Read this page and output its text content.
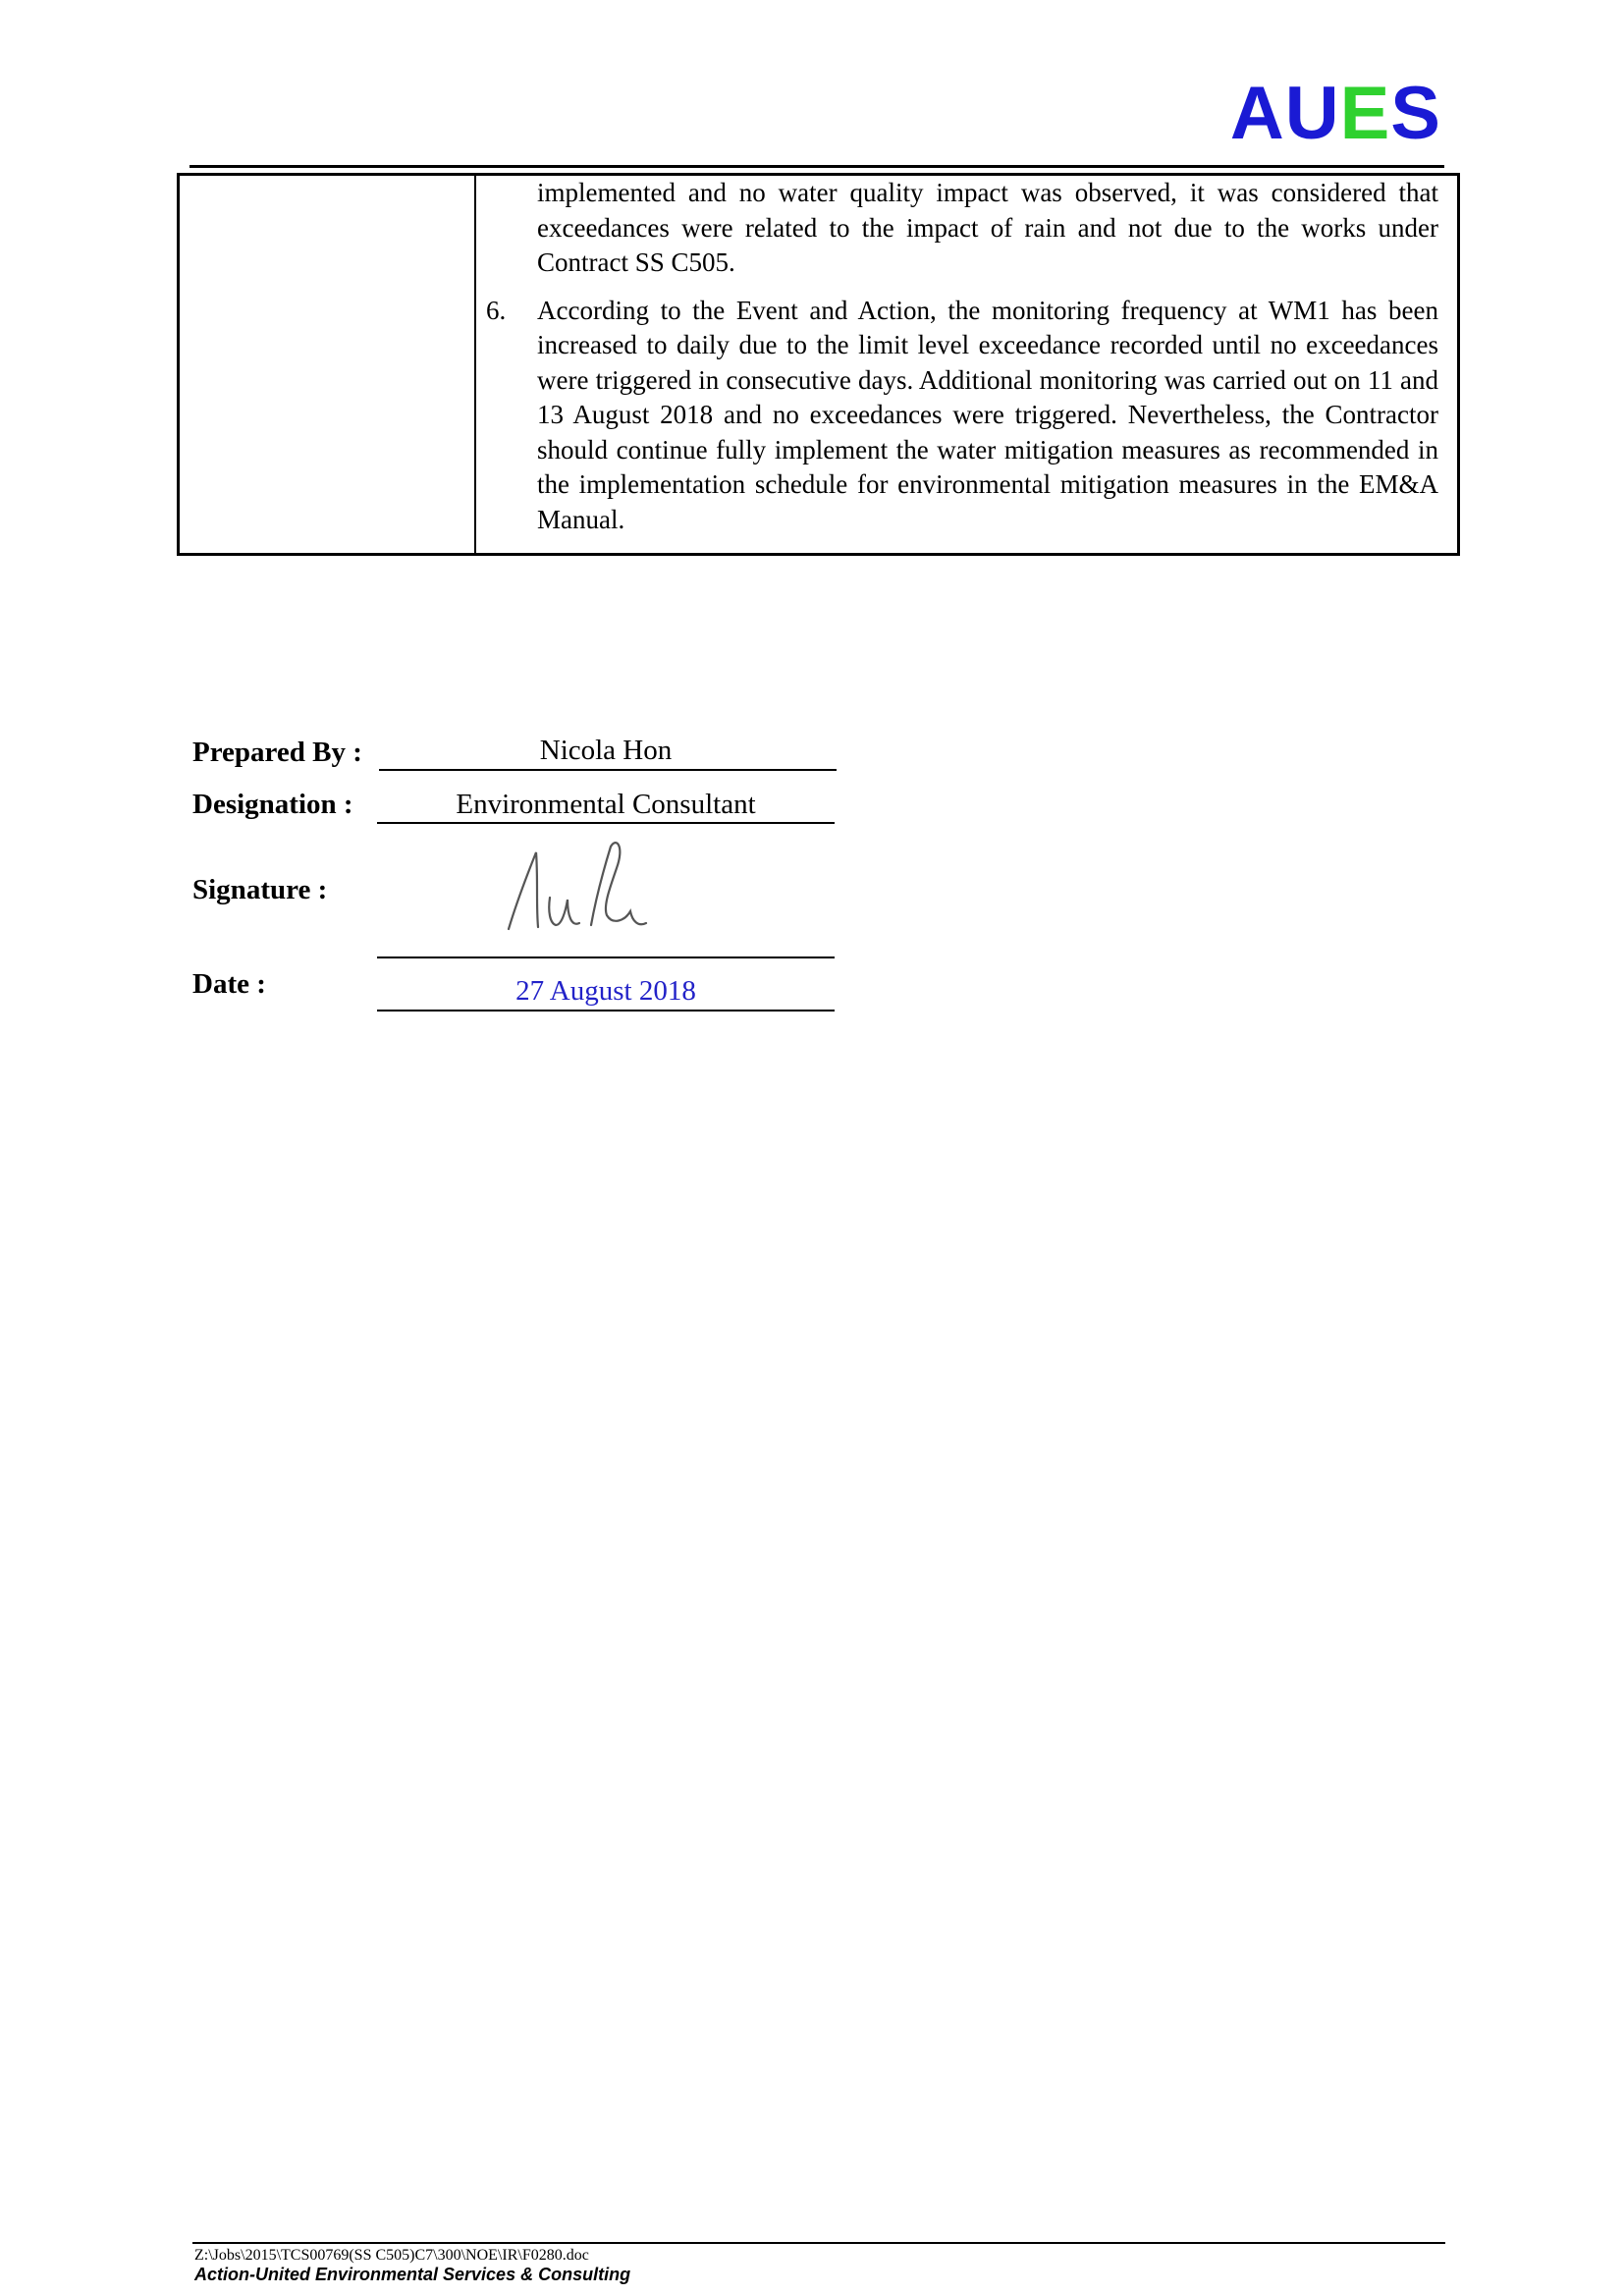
AUES

implemented and no water quality impact was observed, it was considered that exceedances were related to the impact of rain and not due to the works under Contract SS C505.

6. According to the Event and Action, the monitoring frequency at WM1 has been increased to daily due to the limit level exceedance recorded until no exceedances were triggered in consecutive days. Additional monitoring was carried out on 11 and 13 August 2018 and no exceedances were triggered. Nevertheless, the Contractor should continue fully implement the water mitigation measures as recommended in the implementation schedule for environmental mitigation measures in the EM&A Manual.

Prepared By :	Nicola Hon
Designation :	Environmental Consultant
Signature :
Date :	27 August 2018
Z:\Jobs\2015\TCS00769(SS C505)C7\300\NOE\IR\F0280.doc
Action-United Environmental Services & Consulting
